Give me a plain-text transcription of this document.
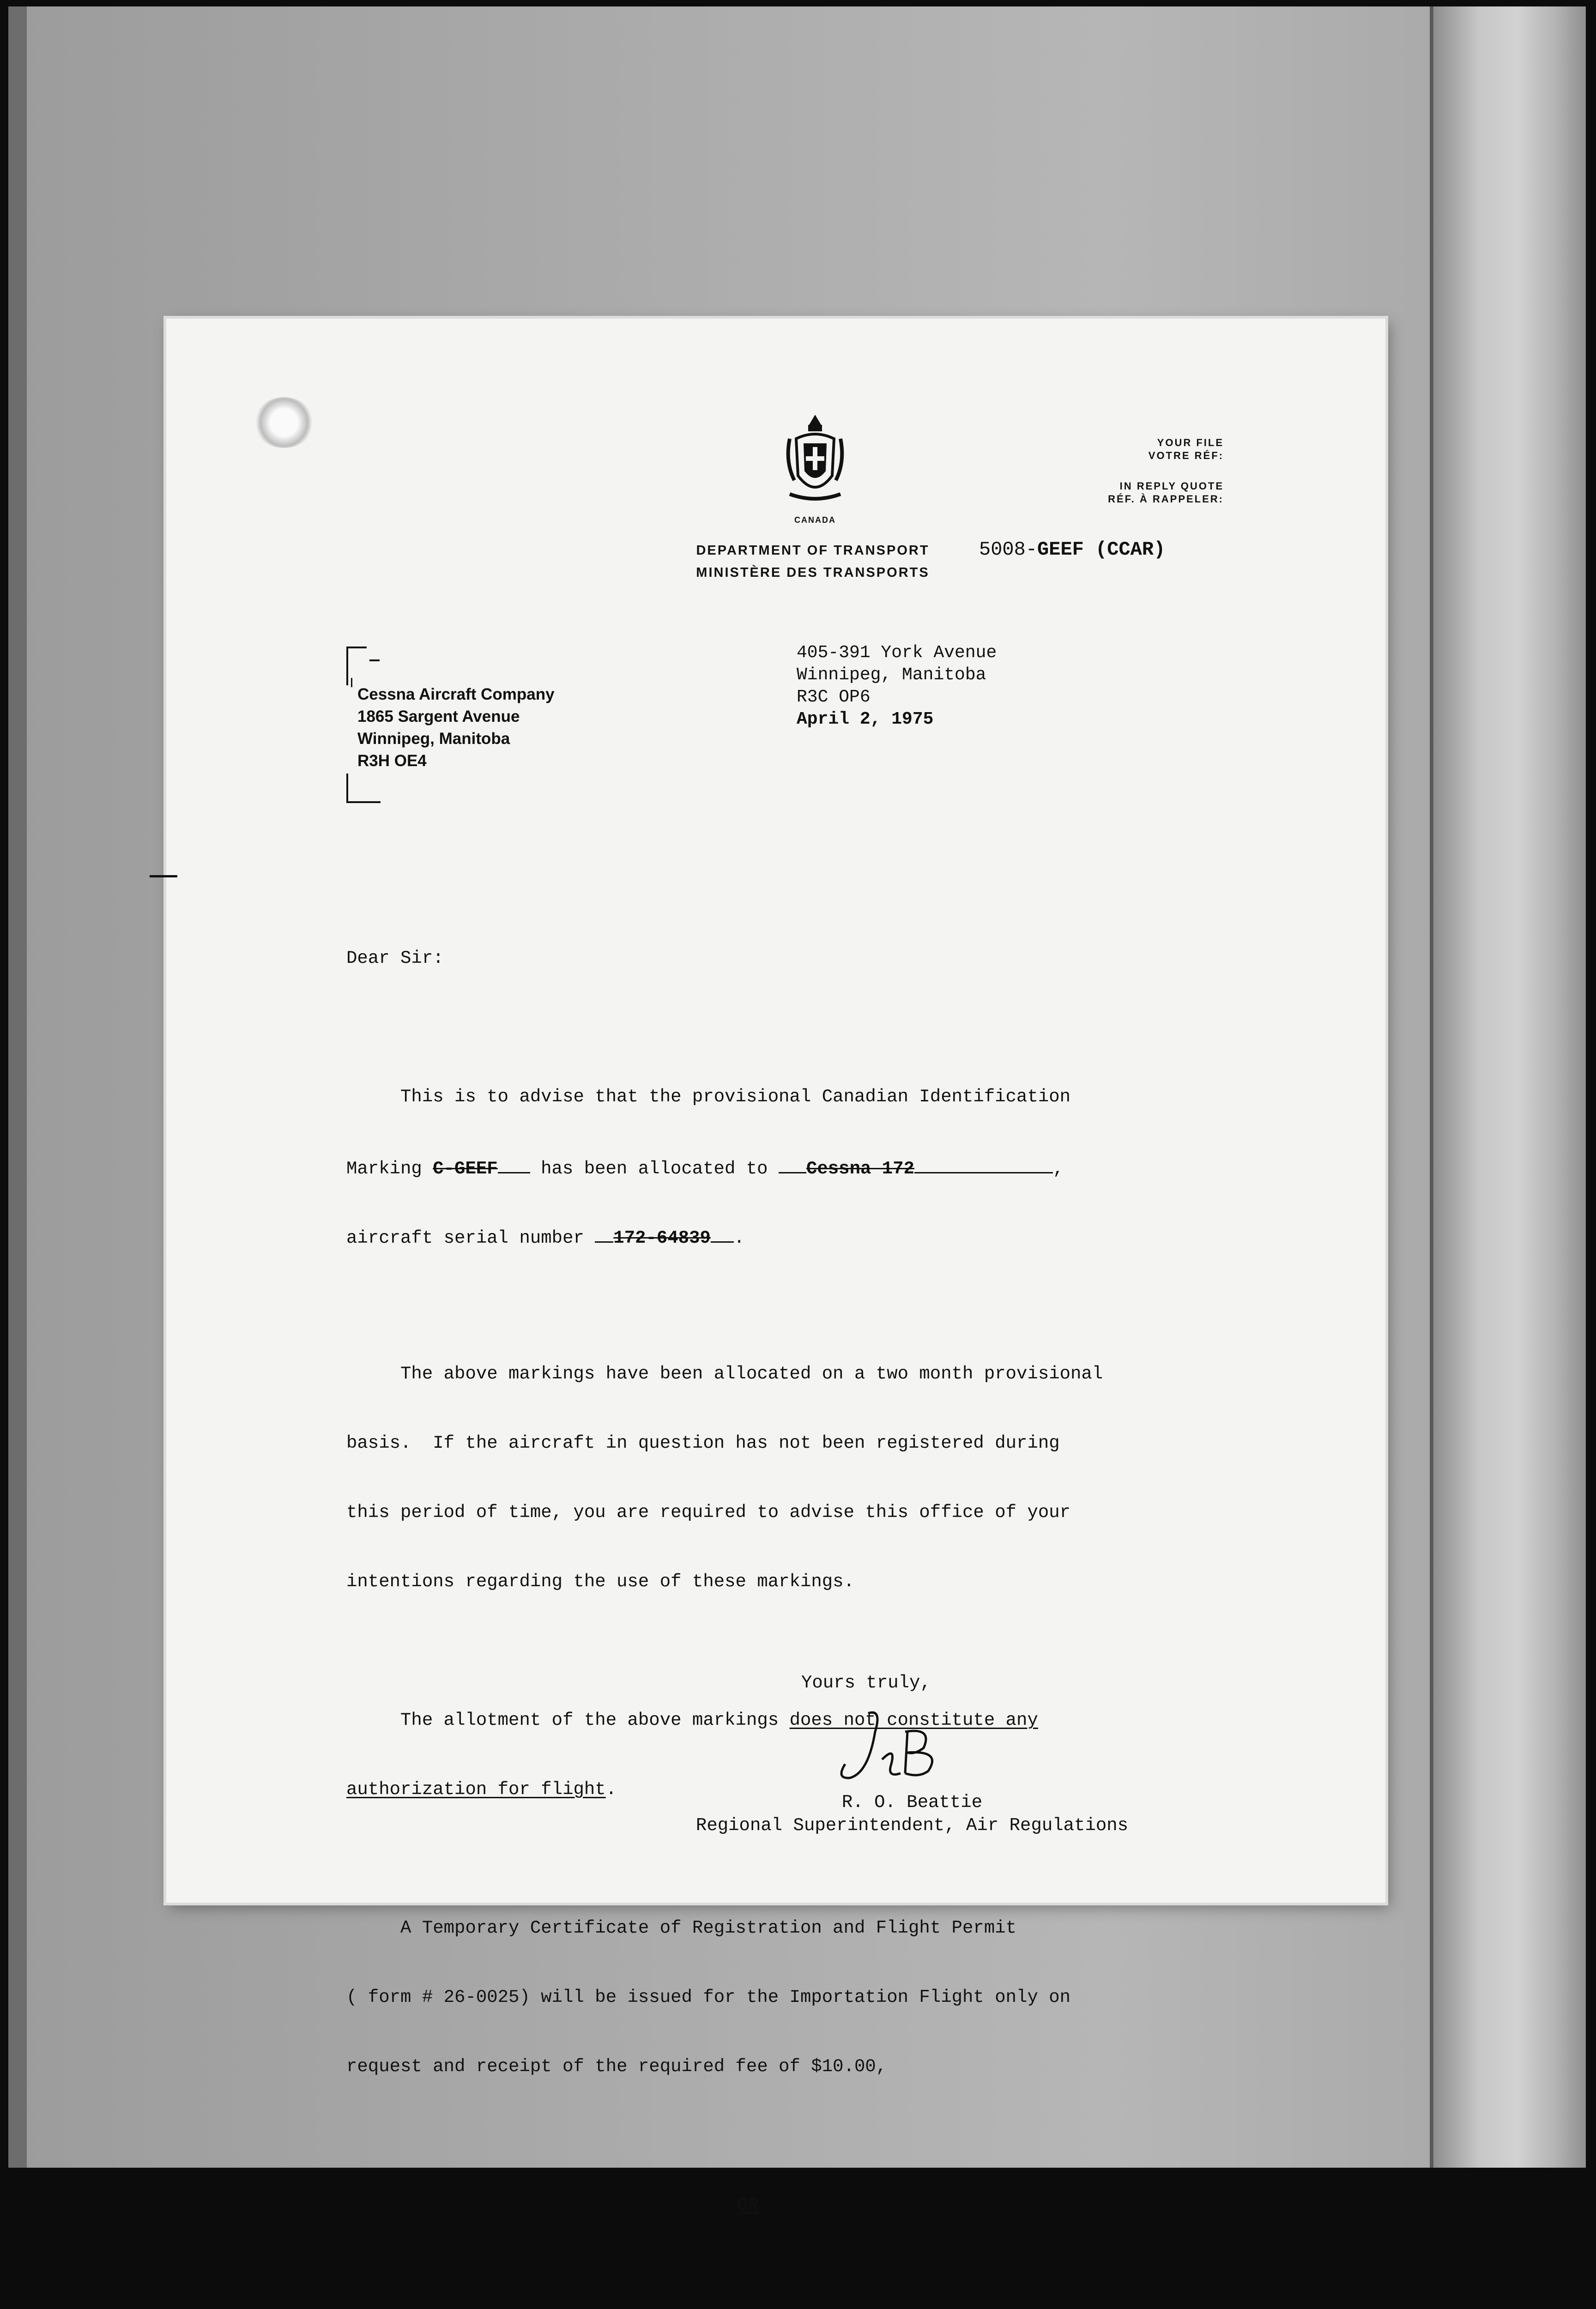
CANADA
DEPARTMENT OF TRANSPORT
MINISTÈRE DES TRANSPORTS
YOUR FILE
VOTRE RÉF:
IN REPLY QUOTE
RÉF. À RAPPELER:
5008-GEEF (CCAR)
Cessna Aircraft Company
1865 Sargent Avenue
Winnipeg, Manitoba
R3H OE4
405-391 York Avenue
Winnipeg, Manitoba
R3C OP6
April 2, 1975

Dear Sir:

This is to advise that the provisional Canadian Identification

Marking C-GEEF has been allocated to Cessna 172	,

aircraft serial number 172-64839 .

The above markings have been allocated on a two month provisional

basis.  If the aircraft in question has not been registered during

this period of time, you are required to advise this office of your

intentions regarding the use of these markings.

The allotment of the above markings does not constitute any

authorization for flight.

A Temporary Certificate of Registration and Flight Permit

( form # 26-0025) will be issued for the Importation Flight only on

request and receipt of the required fee of $10.00,

OR

Yours truly,
R. O. Beattie
Regional Superintendent, Air Regulations
